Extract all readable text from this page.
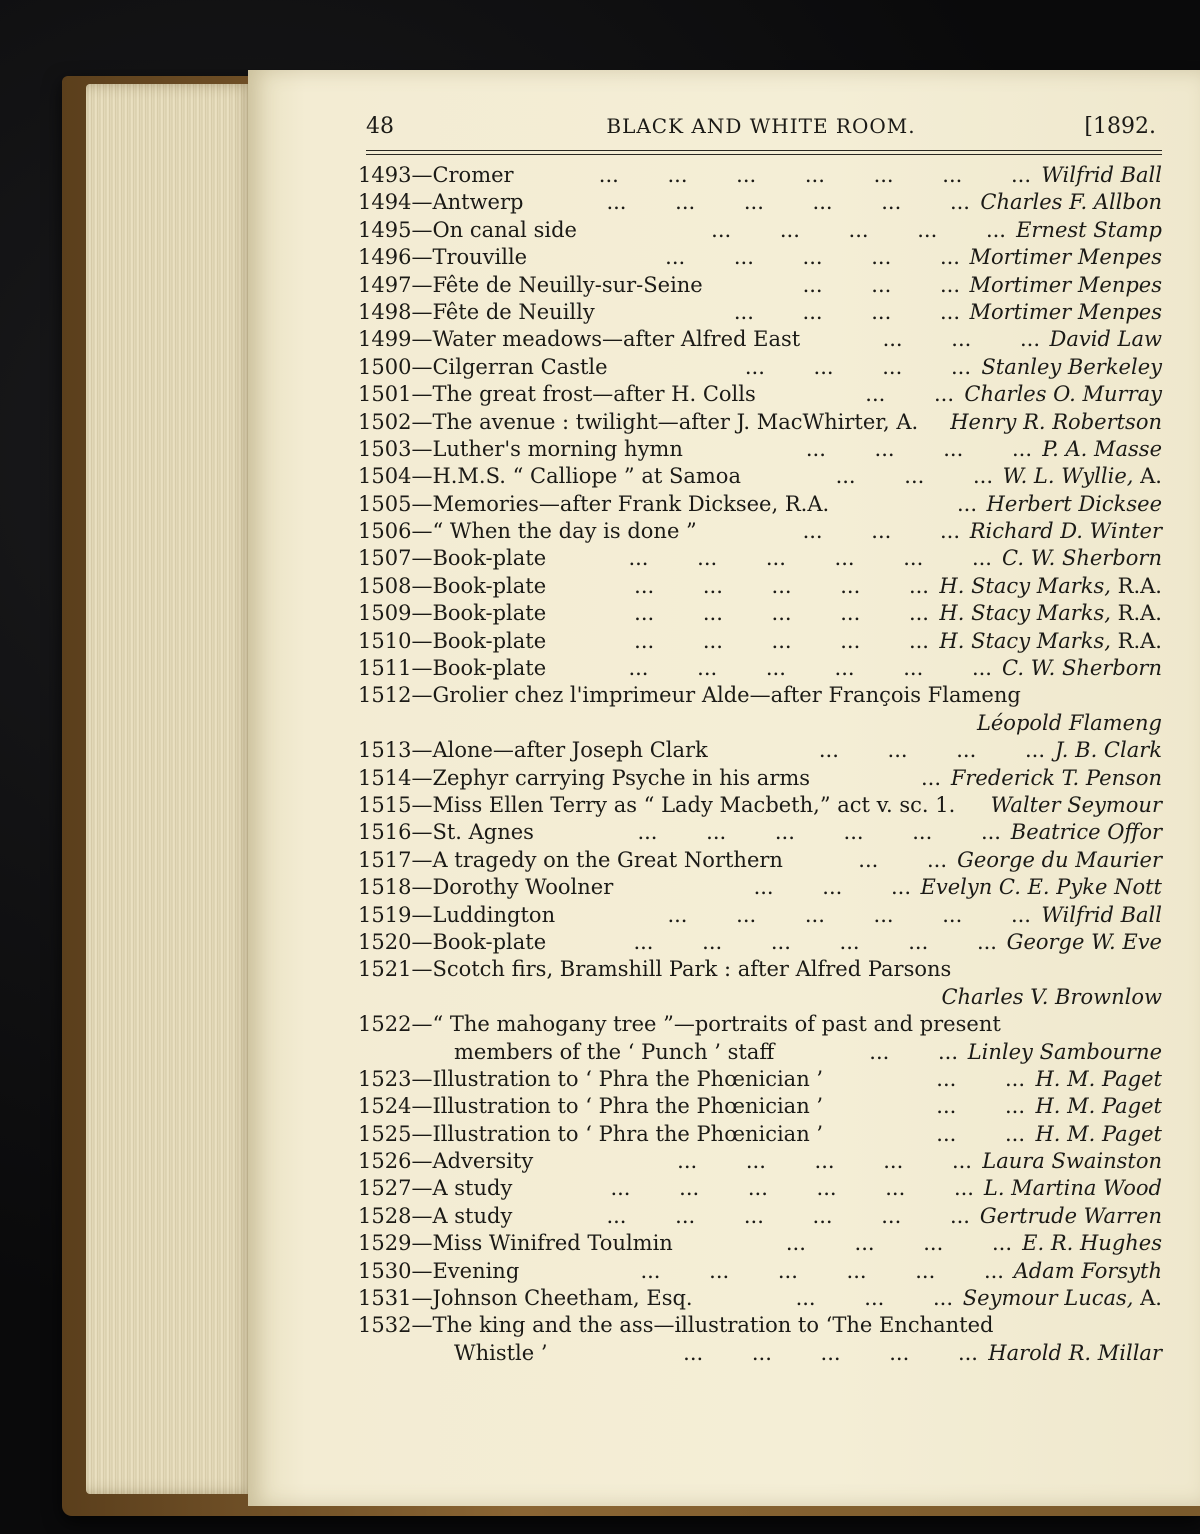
48	BLACK AND WHITE ROOM.	[1892.
1493—Cromer	Wilfrid Ball
...   ...   ...   ...   ...   ...   ...
1494—Antwerp	Charles F. Allbon
...   ...   ...   ...   ...   ...
1495—On canal side	Ernest Stamp
...   ...   ...   ...   ...
1496—Trouville	Mortimer Menpes
...   ...   ...   ...   ...
1497—Fête de Neuilly-sur-Seine	Mortimer Menpes
...   ...   ...
1498—Fête de Neuilly	Mortimer Menpes
...   ...   ...   ...
1499—Water meadows—after Alfred East	David Law
...   ...   ...
1500—Cilgerran Castle	Stanley Berkeley
...   ...   ...   ...
1501—The great frost—after H. Colls	Charles O. Murray
...   ...
1502—The avenue : twilight—after J. MacWhirter, A. Henry R. Robertson
1503—Luther's morning hymn	P. A. Masse
...   ...   ...   ...
1504—H.M.S. “ Calliope ” at Samoa	W. L. Wyllie, A.
...   ...   ...
1505—Memories—after Frank Dicksee, R.A.	Herbert Dicksee
...
1506—“ When the day is done ”	Richard D. Winter
...   ...   ...
1507—Book-plate	C. W. Sherborn
...   ...   ...   ...   ...   ...
1508—Book-plate	H. Stacy Marks, R.A.
...   ...   ...   ...   ...
1509—Book-plate	H. Stacy Marks, R.A.
...   ...   ...   ...   ...
1510—Book-plate	H. Stacy Marks, R.A.
...   ...   ...   ...   ...
1511—Book-plate	C. W. Sherborn
...   ...   ...   ...   ...   ...
1512—Grolier chez l'imprimeur Alde—after François Flameng
Léopold Flameng
1513—Alone—after Joseph Clark	J. B. Clark
...   ...   ...   ...
1514—Zephyr carrying Psyche in his arms	Frederick T. Penson
...
1515—Miss Ellen Terry as “ Lady Macbeth,” act v. sc. 1. Walter Seymour
1516—St. Agnes	Beatrice Offor
...   ...   ...   ...   ...   ...
1517—A tragedy on the Great Northern	George du Maurier
...   ...
1518—Dorothy Woolner	Evelyn C. E. Pyke Nott
...   ...   ...
1519—Luddington	Wilfrid Ball
...   ...   ...   ...   ...   ...
1520—Book-plate	George W. Eve
...   ...   ...   ...   ...   ...
1521—Scotch firs, Bramshill Park : after Alfred Parsons
Charles V. Brownlow
1522—“ The mahogany tree ”—portraits of past and present
members of the ‘ Punch ’ staff	Linley Sambourne
...   ...
1523—Illustration to ‘ Phra the Phœnician ’	H. M. Paget
...   ...
1524—Illustration to ‘ Phra the Phœnician ’	H. M. Paget
...   ...
1525—Illustration to ‘ Phra the Phœnician ’	H. M. Paget
...   ...
1526—Adversity	Laura Swainston
...   ...   ...   ...   ...
1527—A study	L. Martina Wood
...   ...   ...   ...   ...   ...
1528—A study	Gertrude Warren
...   ...   ...   ...   ...   ...
1529—Miss Winifred Toulmin	E. R. Hughes
...   ...   ...   ...
1530—Evening	Adam Forsyth
...   ...   ...   ...   ...   ...
1531—Johnson Cheetham, Esq.	Seymour Lucas, A.
...   ...   ...
1532—The king and the ass—illustration to ‘The Enchanted
Whistle ’	Harold R. Millar
...   ...   ...   ...   ...
